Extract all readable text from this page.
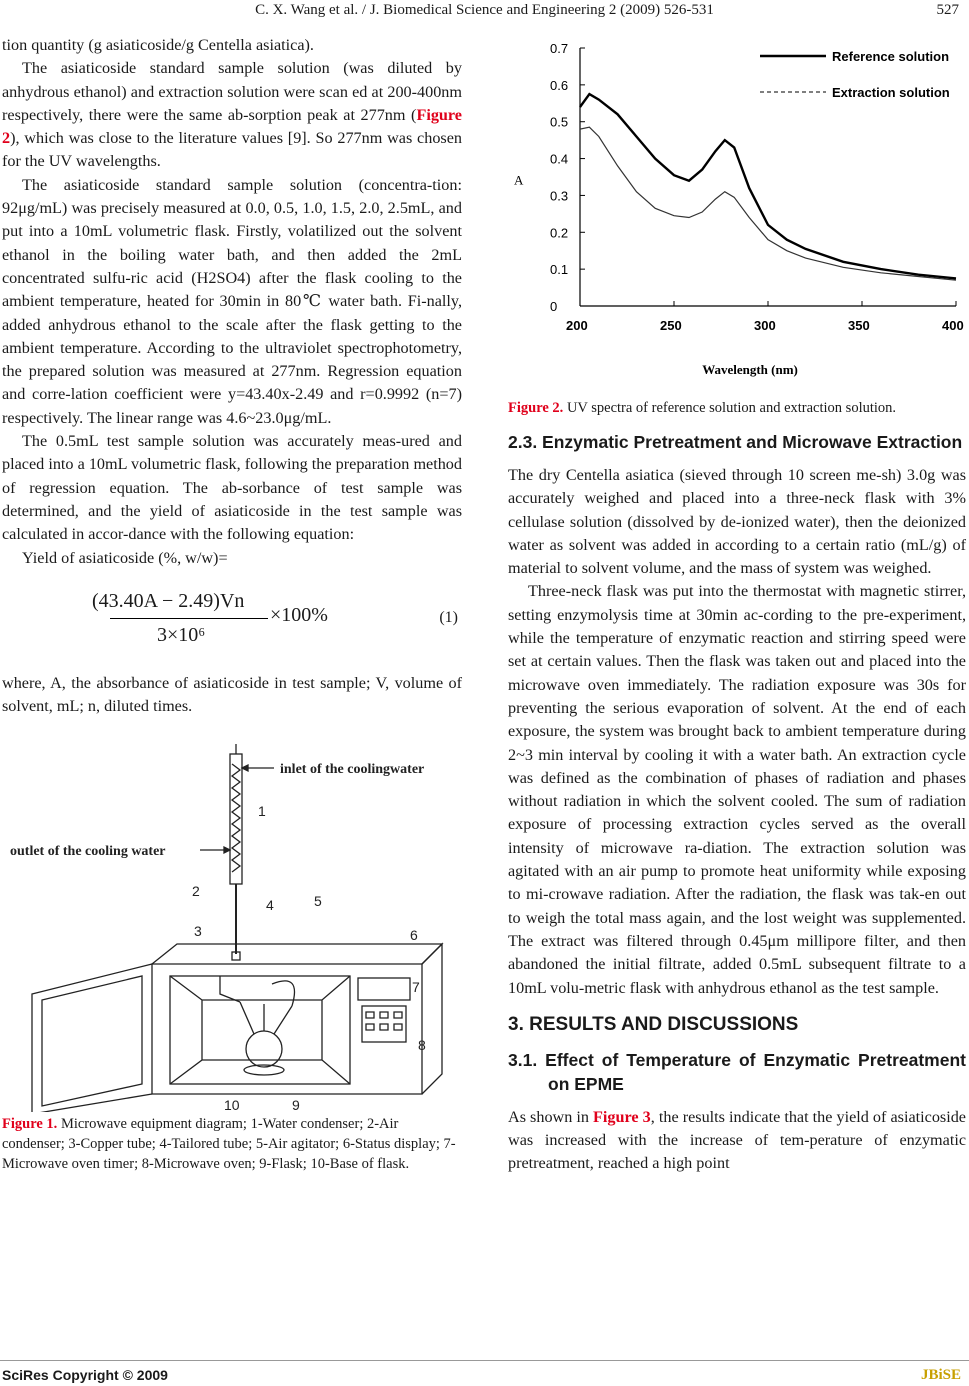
C. X. Wang et al. / J. Biomedical Science and Engineering 2 (2009) 526-531	527

tion quantity (g asiaticoside/g Centella asiatica).

The asiaticoside standard sample solution (was diluted by anhydrous ethanol) and extraction solution were scan ed at 200-400nm respectively, there were the same ab-sorption peak at 277nm (Figure 2), which was close to the literature values [9]. So 277nm was chosen for the UV wavelengths.

The asiaticoside standard sample solution (concentra-tion: 92μg/mL) was precisely measured at 0.0, 0.5, 1.0, 1.5, 2.0, 2.5mL, and put into a 10mL volumetric flask. Firstly, volatilized out the solvent ethanol in the boiling water bath, and then added the 2mL concentrated sulfu-ric acid (H2SO4) after the flask cooling to the ambient temperature, heated for 30min in 80℃ water bath. Fi-nally, added anhydrous ethanol to the scale after the flask getting to the ambient temperature. According to the ultraviolet spectrophotometry, the prepared solution was measured at 277nm. Regression equation and corre-lation coefficient were y=43.40x-2.49 and r=0.9992 (n=7) respectively. The linear range was 4.6~23.0μg/mL.

The 0.5mL test sample solution was accurately meas-ured and placed into a 10mL volumetric flask, following the preparation method of regression equation. The ab-sorbance of test sample was determined, and the yield of asiaticoside in the test sample was calculated in accor-dance with the following equation:

Yield of asiaticoside (%, w/w)=

(43.40A − 2.49)Vn
3×10⁶
×100%	(1)

where, A, the absorbance of asiaticoside in test sample; V, volume of solvent, mL; n, diluted times.

inlet of the coolingwater
outlet of the cooling water
1
2
3
4	5
6
7
8
9
10

Figure 1. Microwave equipment diagram; 1-Water condenser; 2-Air condenser; 3-Copper tube; 4-Tailored tube; 5-Air agitator; 6-Status display; 7-Microwave oven timer; 8-Microwave oven; 9-Flask; 10-Base of flask.

0
0.1
0.2
0.3
0.4
0.5
0.6
0.7
200	250	300	350	400
A
Wavelength (nm)
Reference solution
Extraction solution

Figure 2. UV spectra of reference solution and extraction solution.

2.3. Enzymatic Pretreatment and Microwave Extraction

The dry Centella asiatica (sieved through 10 screen me-sh) 3.0g was accurately weighed and placed into a three-neck flask with 3% cellulase solution (dissolved by de-ionized water), then the deionized water as solvent was added in according to a certain ratio (mL/g) of material to solvent volume, and the mass of system was weighed.

Three-neck flask was put into the thermostat with magnetic stirrer, setting enzymolysis time at 30min ac-cording to the pre-experiment, while the temperature of enzymatic reaction and stirring speed were set at certain values. Then the flask was taken out and placed into the microwave oven immediately. The radiation exposure was 30s for preventing the serious evaporation of solvent. At the end of each exposure, the system was brought back to ambient temperature during 2~3 min interval by cooling it with a water bath. An extraction cycle was defined as the combination of phases of radiation and phases without radiation in which the solvent cooled. The sum of radiation exposure of processing extraction cycles served as the overall intensity of microwave ra-diation. The extraction solution was agitated with an air pump to promote heat uniformity while exposing to mi-crowave radiation. After the radiation, the flask was tak-en out to weigh the total mass again, and the lost weight was supplemented. The extract was filtered through 0.45μm millipore filter, and then abandoned the initial filtrate, added 0.5mL subsequent filtrate to a 10mL volu-metric flask with anhydrous ethanol as the test sample.

3. RESULTS AND DISCUSSIONS
3.1. Effect of Temperature of Enzymatic Pretreatment on EPME

As shown in Figure 3, the results indicate that the yield of asiaticoside was increased with the increase of tem-perature of enzymatic pretreatment, reached a high point

SciRes Copyright © 2009	JBiSE
